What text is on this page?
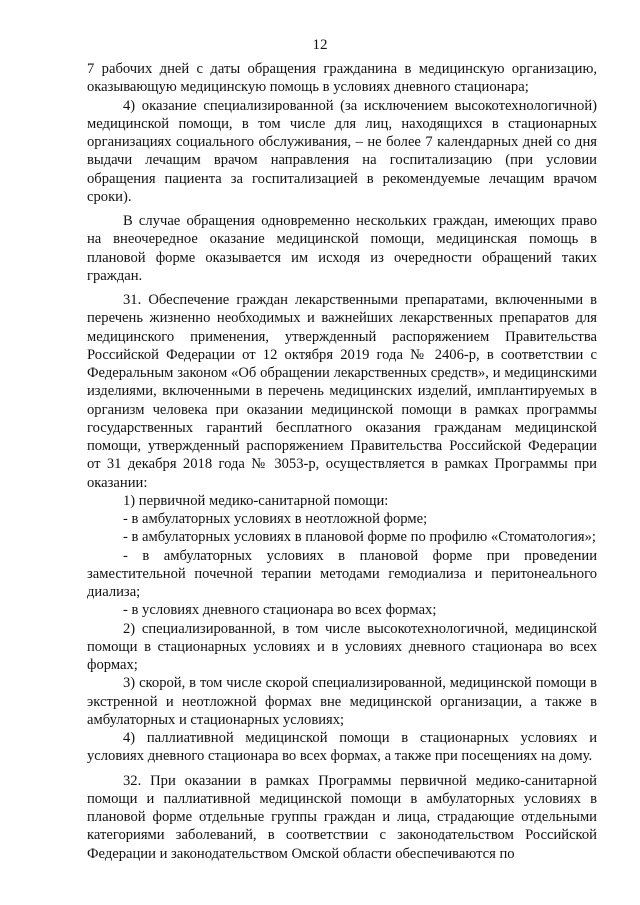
12

7 рабочих дней с даты обращения гражданина в медицинскую организацию, оказывающую медицинскую помощь в условиях дневного стационара;

4) оказание специализированной (за исключением высокотехнологичной) медицинской помощи, в том числе для лиц, находящихся в стационарных организациях социального обслуживания, – не более 7 календарных дней со дня выдачи лечащим врачом направления на госпитализацию (при условии обращения пациента за госпитализацией в рекомендуемые лечащим врачом сроки).

В случае обращения одновременно нескольких граждан, имеющих право на внеочередное оказание медицинской помощи, медицинская помощь в плановой форме оказывается им исходя из очередности обращений таких граждан.

31. Обеспечение граждан лекарственными препаратами, включенными в перечень жизненно необходимых и важнейших лекарственных препаратов для медицинского применения, утвержденный распоряжением Правительства Российской Федерации от 12 октября 2019 года № 2406-р, в соответствии с Федеральным законом «Об обращении лекарственных средств», и медицинскими изделиями, включенными в перечень медицинских изделий, имплантируемых в организм человека при оказании медицинской помощи в рамках программы государственных гарантий бесплатного оказания гражданам медицинской помощи, утвержденный распоряжением Правительства Российской Федерации от 31 декабря 2018 года № 3053-р, осуществляется в рамках Программы при оказании:

1) первичной медико-санитарной помощи:

- в амбулаторных условиях в неотложной форме;

- в амбулаторных условиях в плановой форме по профилю «Стоматология»;

- в амбулаторных условиях в плановой форме при проведении заместительной почечной терапии методами гемодиализа и перитонеального диализа;

- в условиях дневного стационара во всех формах;

2) специализированной, в том числе высокотехнологичной, медицинской помощи в стационарных условиях и в условиях дневного стационара во всех формах;

3) скорой, в том числе скорой специализированной, медицинской помощи в экстренной и неотложной формах вне медицинской организации, а также в амбулаторных и стационарных условиях;

4) паллиативной медицинской помощи в стационарных условиях и условиях дневного стационара во всех формах, а также при посещениях на дому.

32. При оказании в рамках Программы первичной медико-санитарной помощи и паллиативной медицинской помощи в амбулаторных условиях в плановой форме отдельные группы граждан и лица, страдающие отдельными категориями заболеваний, в соответствии с законодательством Российской Федерации и законодательством Омской области обеспечиваются по
